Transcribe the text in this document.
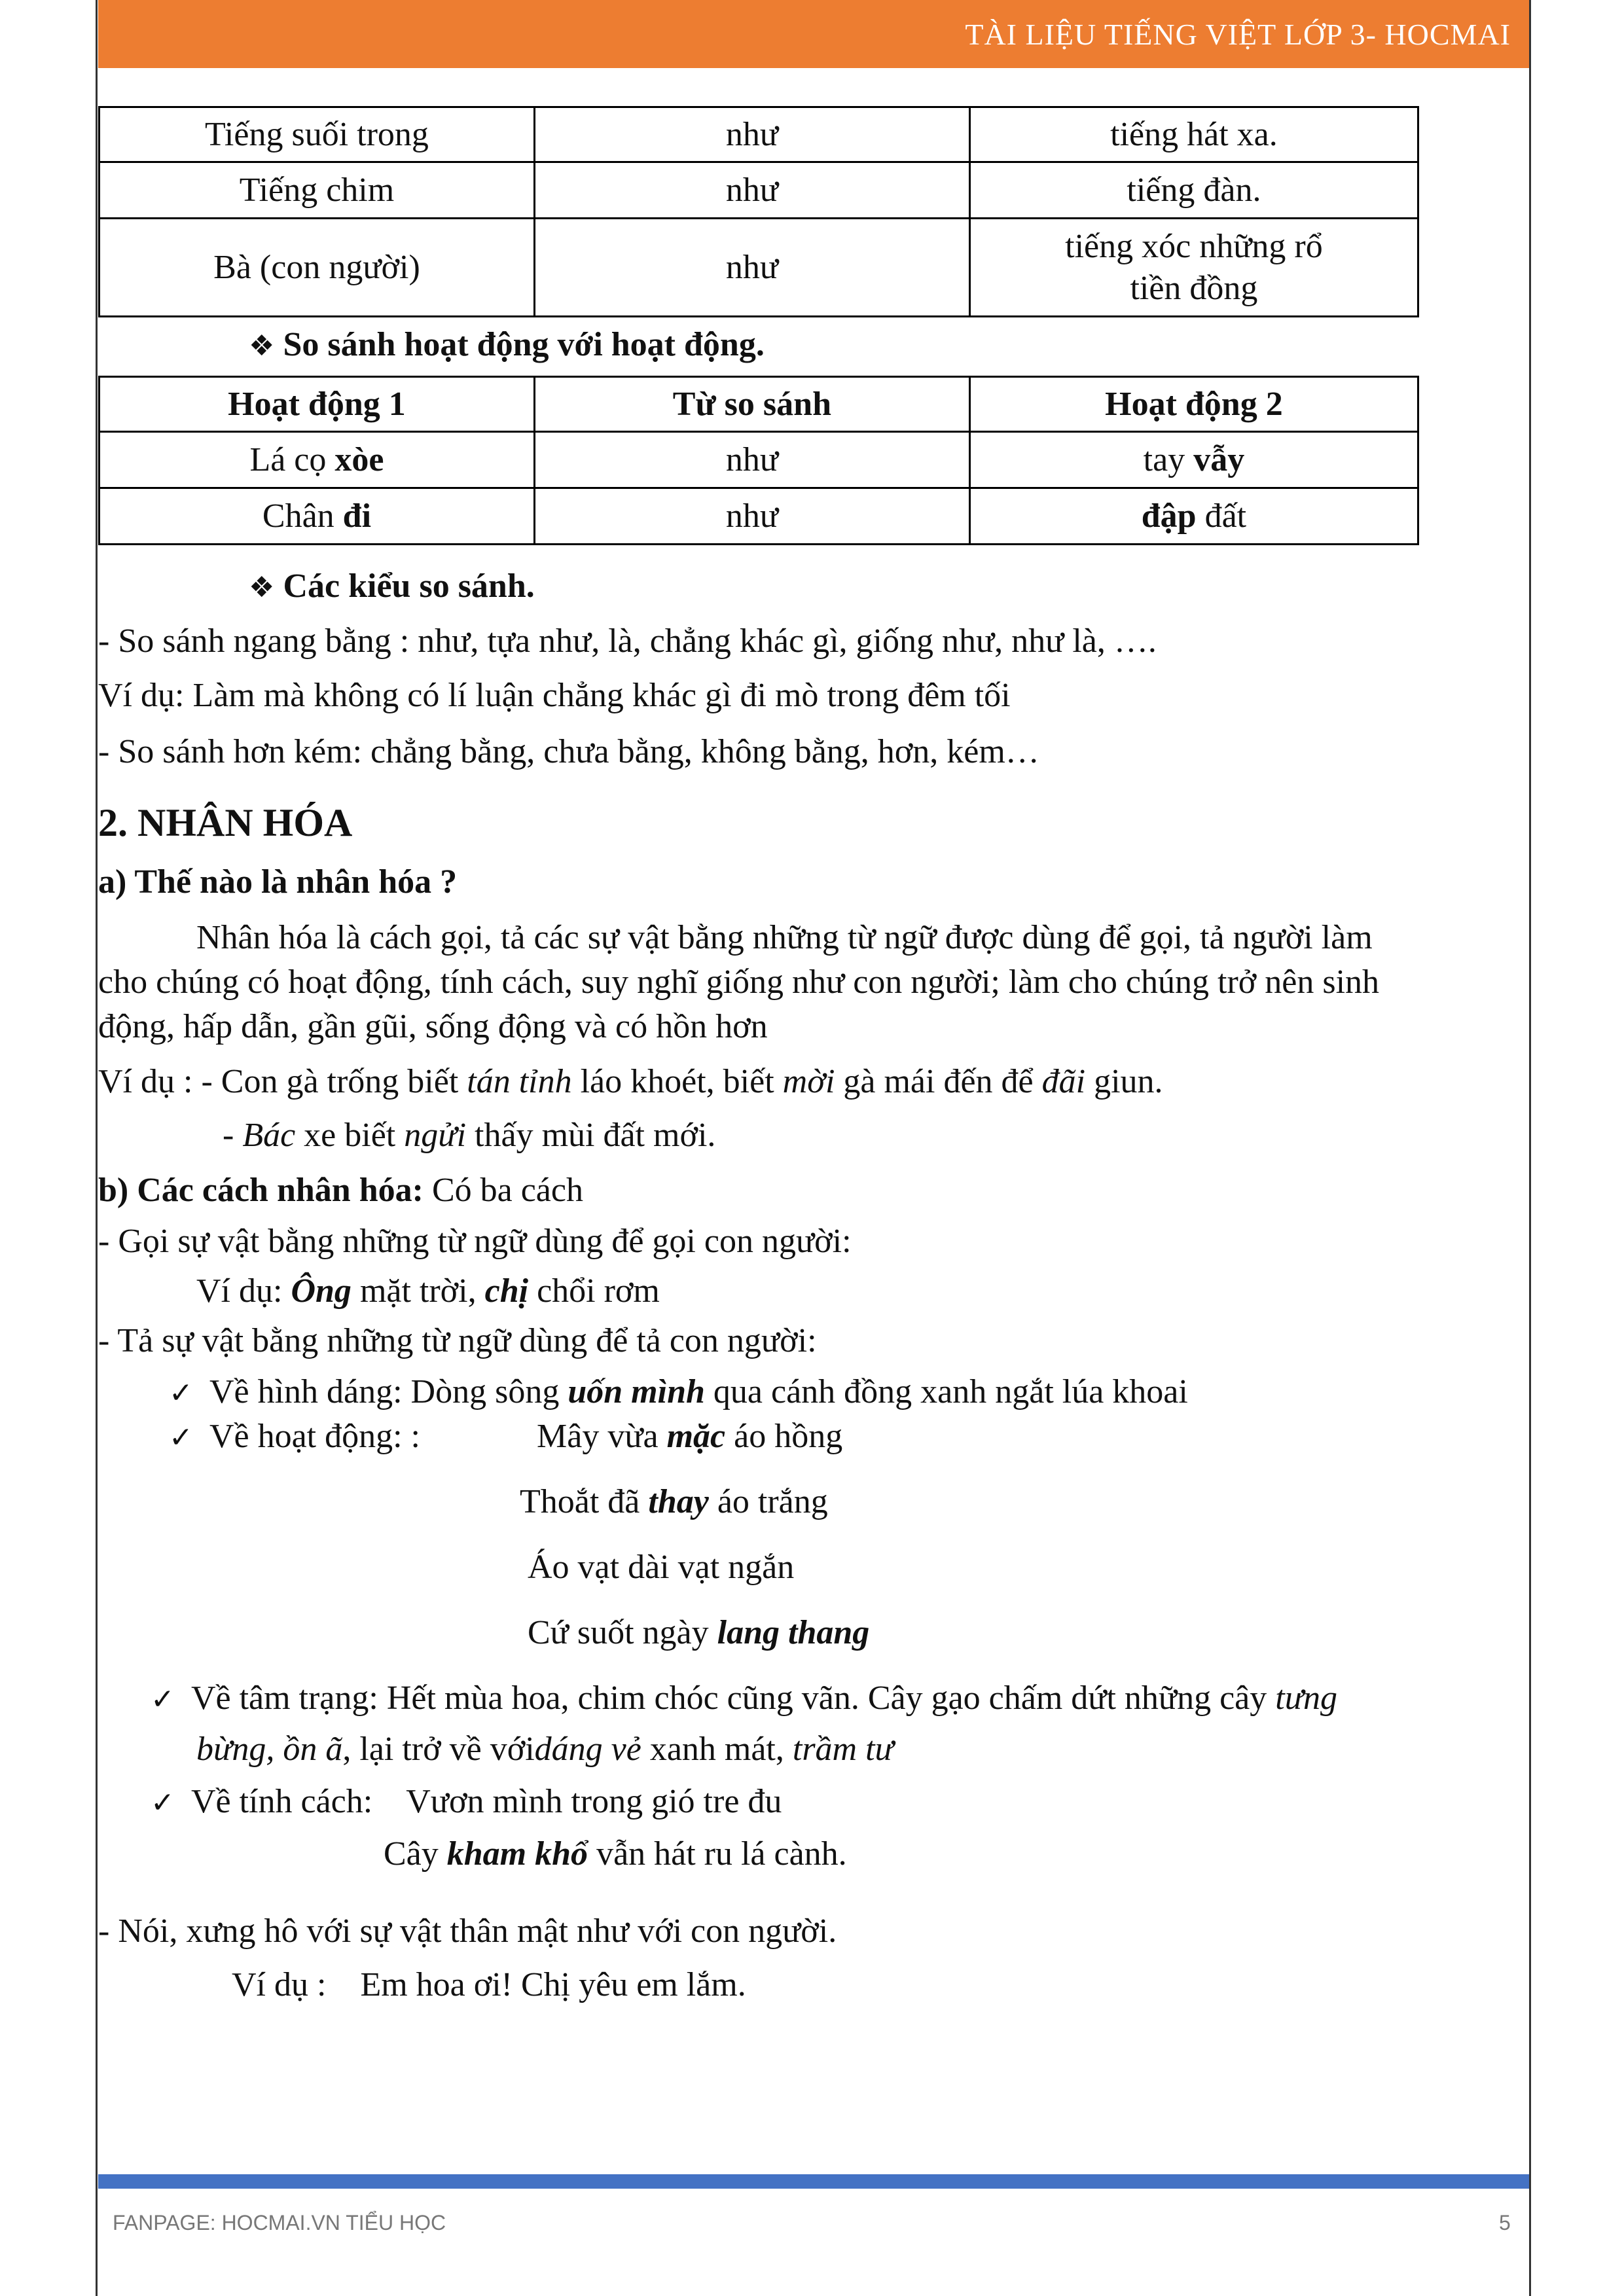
TÀI LIỆU TIẾNG VIỆT LỚP 3- HOCMAI
Tiếng suối trong	như	tiếng hát xa.
Tiếng chim	như	tiếng đàn.
Bà (con người)	như	tiếng xóc những rổ
tiền đồng
❖ So sánh hoạt động với hoạt động.
Hoạt động 1	Từ so sánh	Hoạt động 2
Lá cọ xòe	như	tay vẫy
Chân đi	như	đập đất
❖ Các kiểu so sánh.
- So sánh ngang bằng : như, tựa như, là, chẳng khác gì, giống như, như là, ….
Ví dụ: Làm mà không có lí luận chẳng khác gì đi mò trong đêm tối
- So sánh hơn kém: chẳng bằng, chưa bằng, không bằng, hơn, kém…
2. NHÂN HÓA
a) Thế nào là nhân hóa ?
Nhân hóa là cách gọi, tả các sự vật bằng những từ ngữ được dùng để gọi, tả người làm
cho chúng có hoạt động, tính cách, suy nghĩ giống như con người; làm cho chúng trở nên sinh
động, hấp dẫn, gần gũi, sống động và có hồn hơn
Ví dụ : - Con gà trống biết tán tỉnh láo khoét, biết mời gà mái đến để đãi giun.
- Bác xe biết ngửi thấy mùi đất mới.
b) Các cách nhân hóa: Có ba cách
- Gọi sự vật bằng những từ ngữ dùng để gọi con người:
Ví dụ: Ông mặt trời, chị chổi rơm
- Tả sự vật bằng những từ ngữ dùng để tả con người:
✓ Về hình dáng: Dòng sông uốn mình qua cánh đồng xanh ngắt lúa khoai
✓ Về hoạt động: :	Mây vừa mặc áo hồng
Thoắt đã thay áo trắng
Áo vạt dài vạt ngắn
Cứ suốt ngày lang thang
✓ Về tâm trạng: Hết mùa hoa, chim chóc cũng vãn. Cây gạo chấm dứt những cây tưng
bừng, ồn ã, lại trở về vớidáng vẻ xanh mát, trầm tư
✓ Về tính cách:    Vươn mình trong gió tre đu
Cây kham khổ vẫn hát ru lá cành.
- Nói, xưng hô với sự vật thân mật như với con người.
Ví dụ :    Em hoa ơi! Chị yêu em lắm.
FANPAGE: HOCMAI.VN TIỂU HỌC	5
